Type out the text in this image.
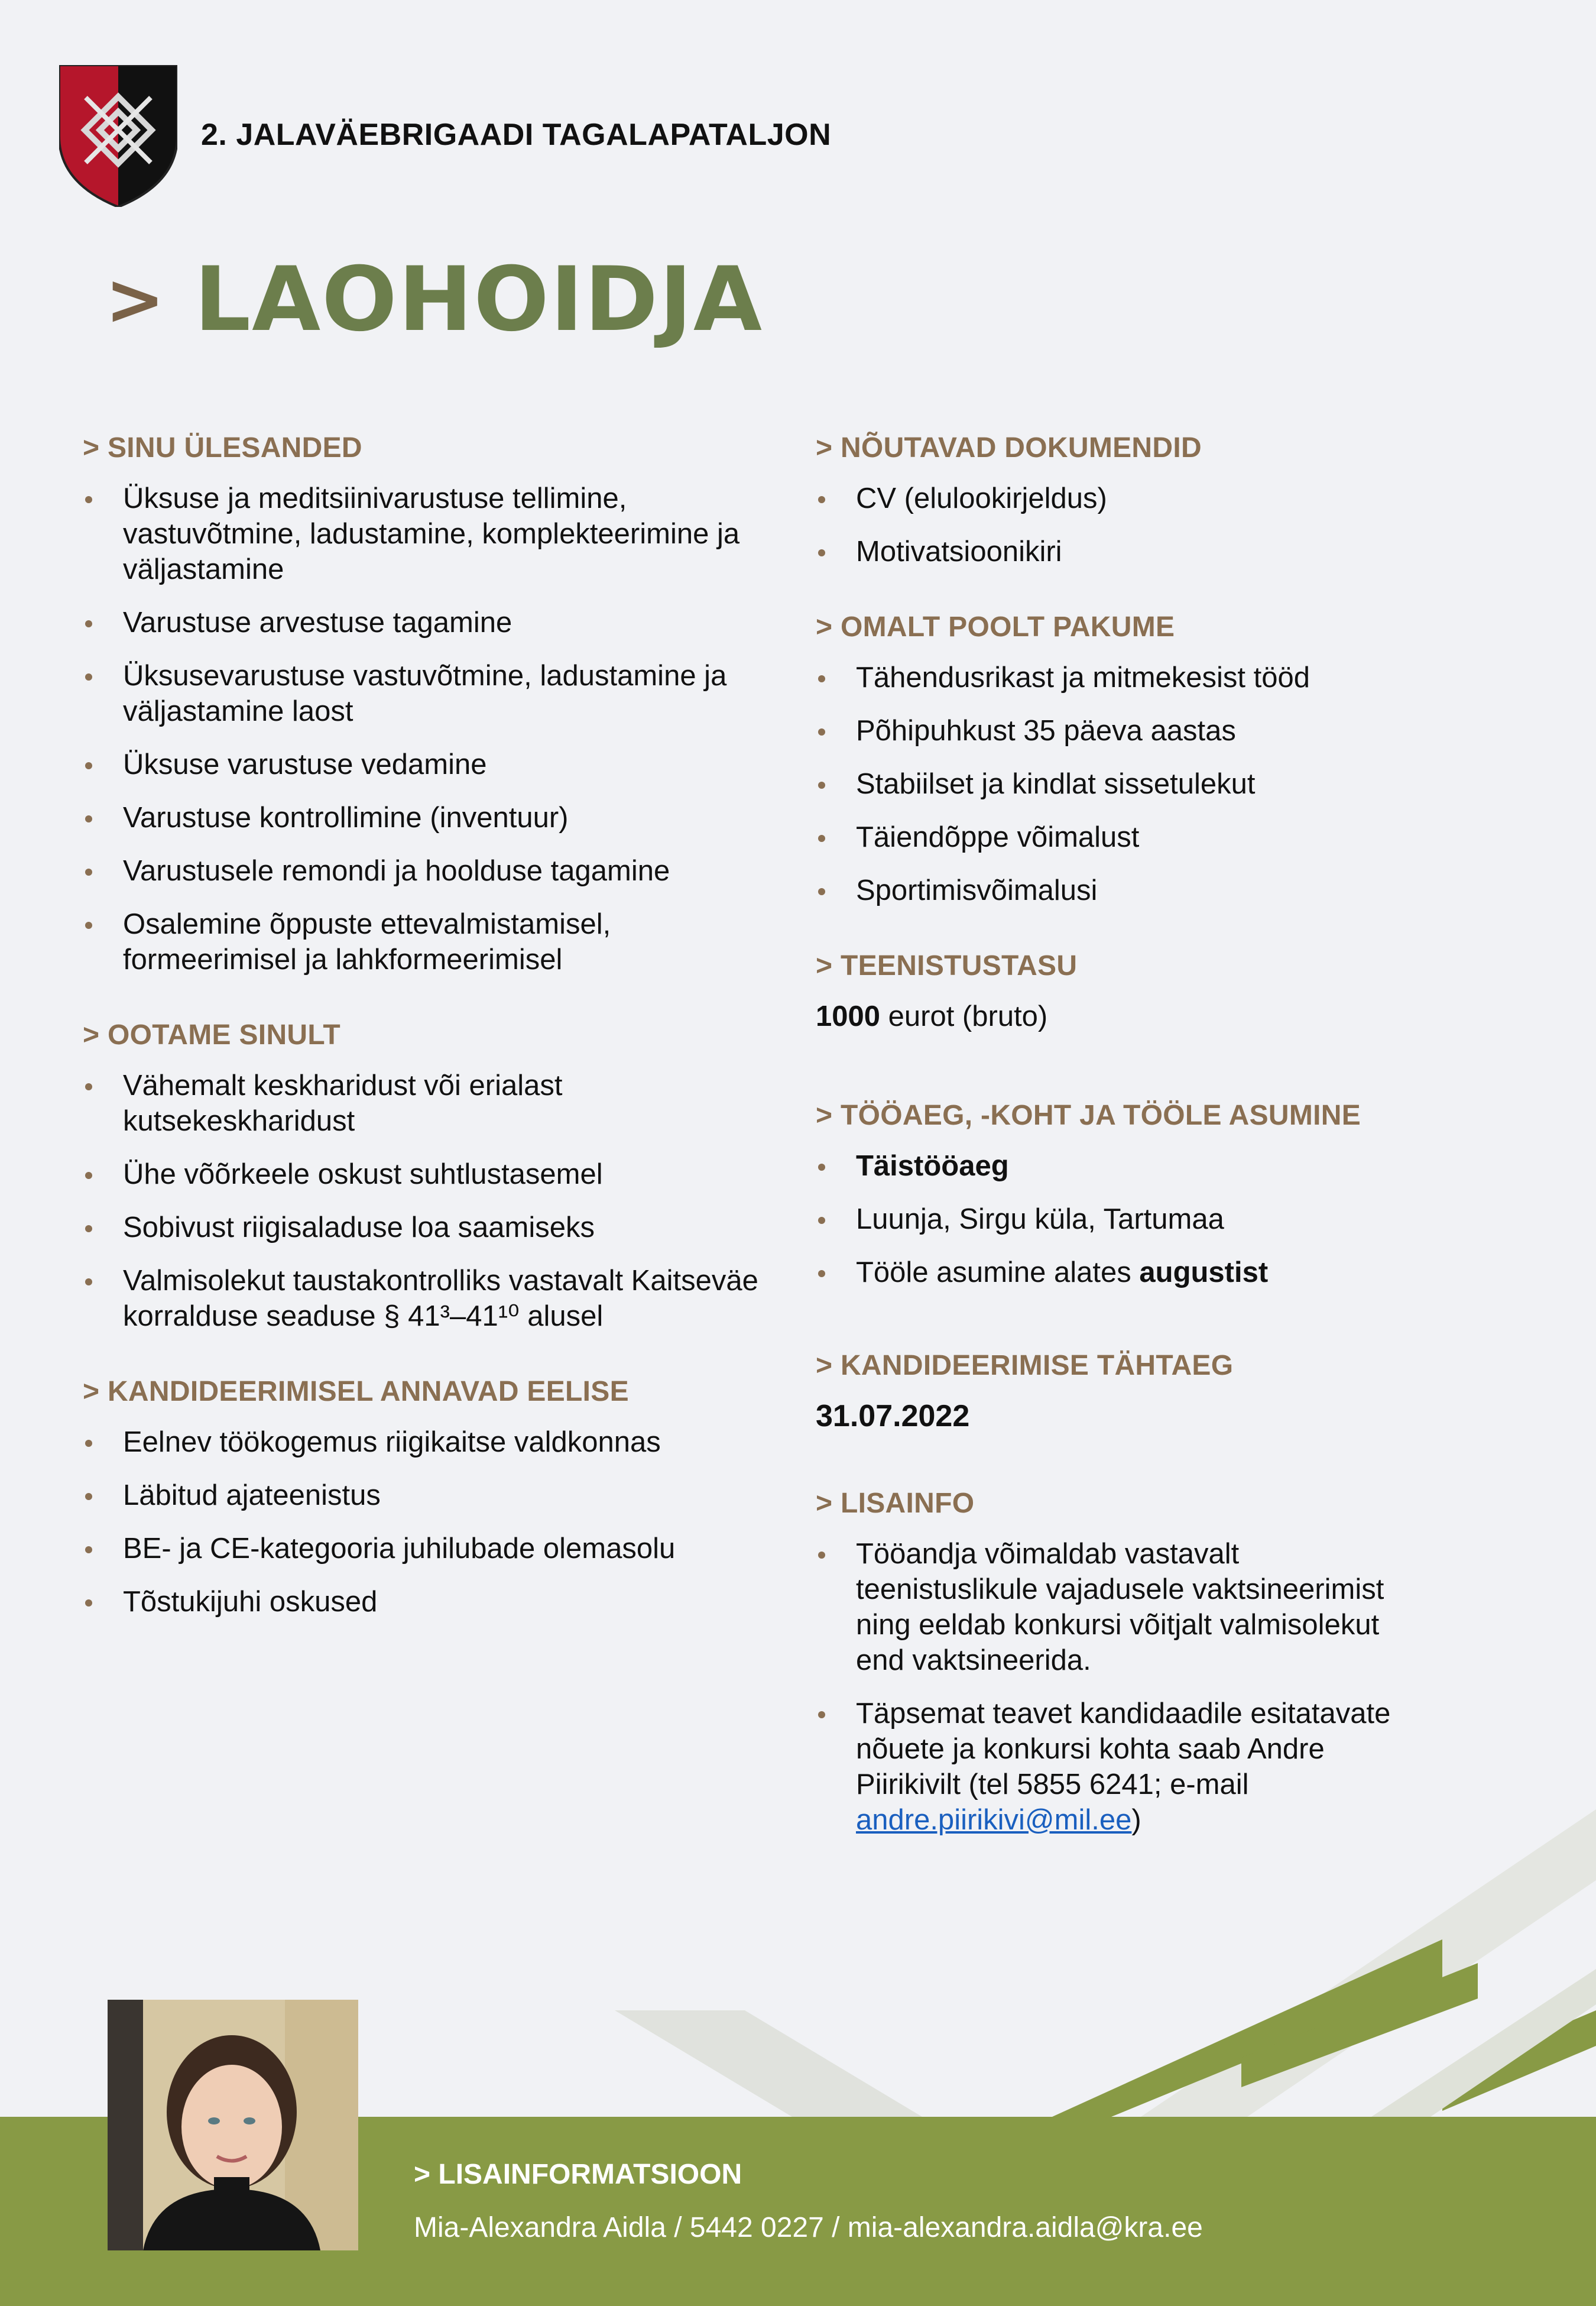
2. JALAVÄEBRIGAADI TAGALAPATALJON
> LAOHOIDJA
> SINU ÜLESANDED
Üksuse ja meditsiinivarustuse tellimine, vastuvõtmine, ladustamine, komplekteerimine ja väljastamine
Varustuse arvestuse tagamine
Üksusevarustuse vastuvõtmine, ladustamine ja väljastamine laost
Üksuse varustuse vedamine
Varustuse kontrollimine (inventuur)
Varustusele remondi ja hoolduse tagamine
Osalemine õppuste ettevalmistamisel, formeerimisel ja lahkformeerimisel
> OOTAME SINULT
Vähemalt keskharidust või erialast kutsekeskharidust
Ühe võõrkeele oskust suhtlustasemel
Sobivust riigisaladuse loa saamiseks
Valmisolekut taustakontrolliks vastavalt Kaitseväe korralduse seaduse § 41³–41¹⁰ alusel
> KANDIDEERIMISEL ANNAVAD EELISE
Eelnev töökogemus riigikaitse valdkonnas
Läbitud ajateenistus
BE- ja CE-kategooria juhilubade olemasolu
Tõstukijuhi oskused
> NÕUTAVAD DOKUMENDID
CV (elulookirjeldus)
Motivatsioonikiri
> OMALT POOLT PAKUME
Tähendusrikast ja mitmekesist tööd
Põhipuhkust 35 päeva aastas
Stabiilset ja kindlat sissetulekut
Täiendõppe võimalust
Sportimisvõimalusi
> TEENISTUSTASU
1000 eurot (bruto)
> TÖÖAEG, -KOHT JA TÖÖLE ASUMINE
Täistööaeg
Luunja, Sirgu küla, Tartumaa
Tööle asumine alates augustist
> KANDIDEERIMISE TÄHTAEG
31.07.2022
> LISAINFO
Tööandja võimaldab vastavalt teenistuslikule vajadusele vaktsineerimist ning eeldab konkursi võitjalt valmisolekut end vaktsineerida.
Täpsemat teavet kandidaadile esitatavate nõuete ja konkursi kohta saab Andre Piirikivilt (tel 5855 6241; e-mail andre.piirikivi@mil.ee)
> LISAINFORMATSIOON
Mia-Alexandra Aidla / 5442 0227 / mia-alexandra.aidla@kra.ee
